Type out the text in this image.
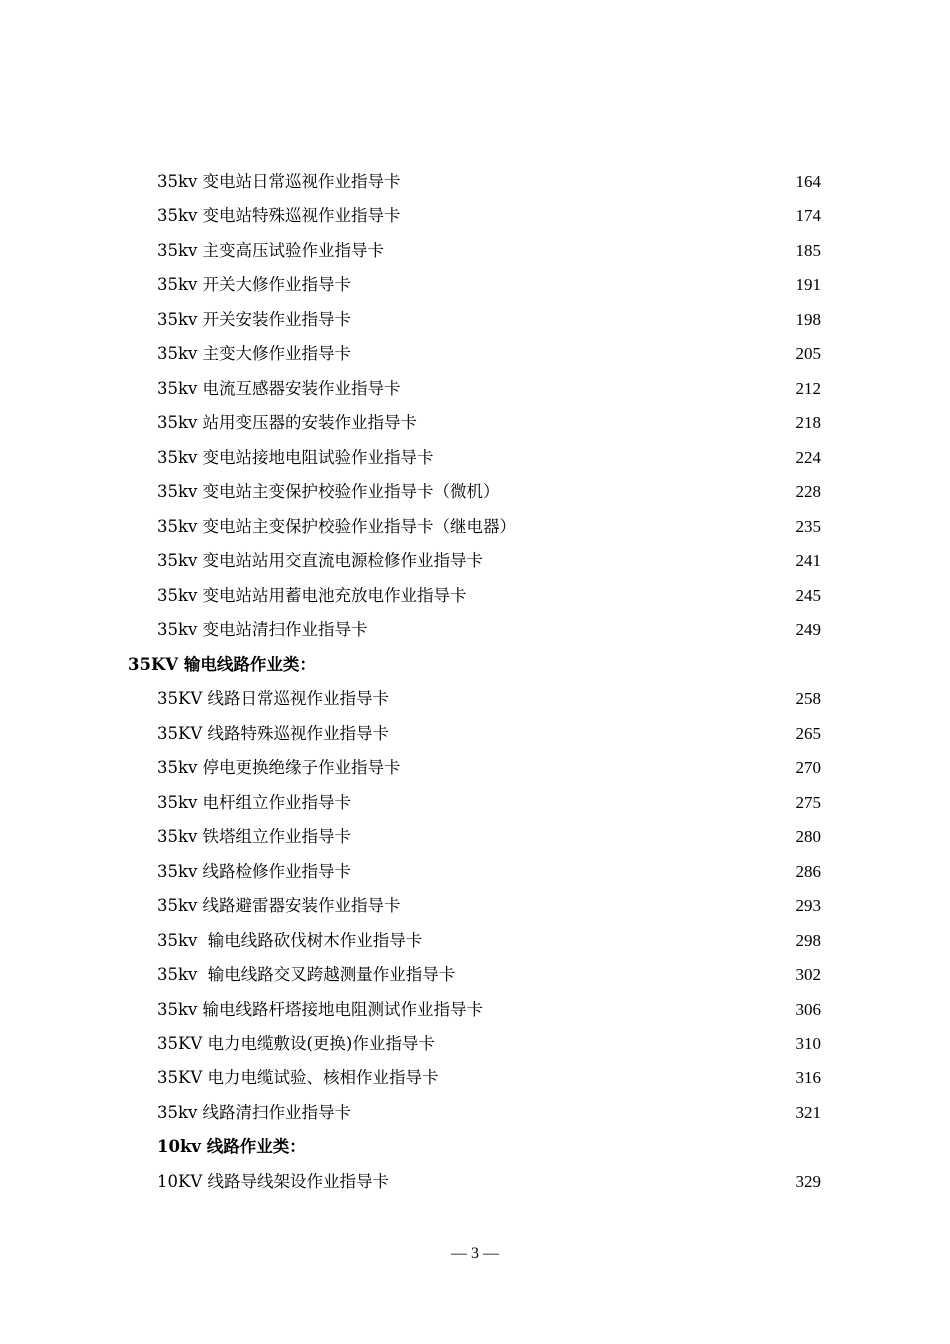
35kv 变电站日常巡视作业指导卡	164
35kv 变电站特殊巡视作业指导卡	174
35kv 主变高压试验作业指导卡	185
35kv 开关大修作业指导卡	191
35kv 开关安装作业指导卡	198
35kv 主变大修作业指导卡	205
35kv 电流互感器安装作业指导卡	212
35kv 站用变压器的安装作业指导卡	218
35kv 变电站接地电阻试验作业指导卡	224
35kv 变电站主变保护校验作业指导卡（微机）	228
35kv 变电站主变保护校验作业指导卡（继电器）	235
35kv 变电站站用交直流电源检修作业指导卡	241
35kv 变电站站用蓄电池充放电作业指导卡	245
35kv 变电站清扫作业指导卡	249
35KV 输电线路作业类：
35KV 线路日常巡视作业指导卡	258
35KV 线路特殊巡视作业指导卡	265
35kv 停电更换绝缘子作业指导卡	270
35kv 电杆组立作业指导卡	275
35kv 铁塔组立作业指导卡	280
35kv 线路检修作业指导卡	286
35kv 线路避雷器安装作业指导卡	293
35kv  输电线路砍伐树木作业指导卡	298
35kv  输电线路交叉跨越测量作业指导卡	302
35kv 输电线路杆塔接地电阻测试作业指导卡	306
35KV 电力电缆敷设(更换)作业指导卡	310
35KV 电力电缆试验、核相作业指导卡	316
35kv 线路清扫作业指导卡	321
10kv 线路作业类：
10KV 线路导线架设作业指导卡	329
— 3 —
